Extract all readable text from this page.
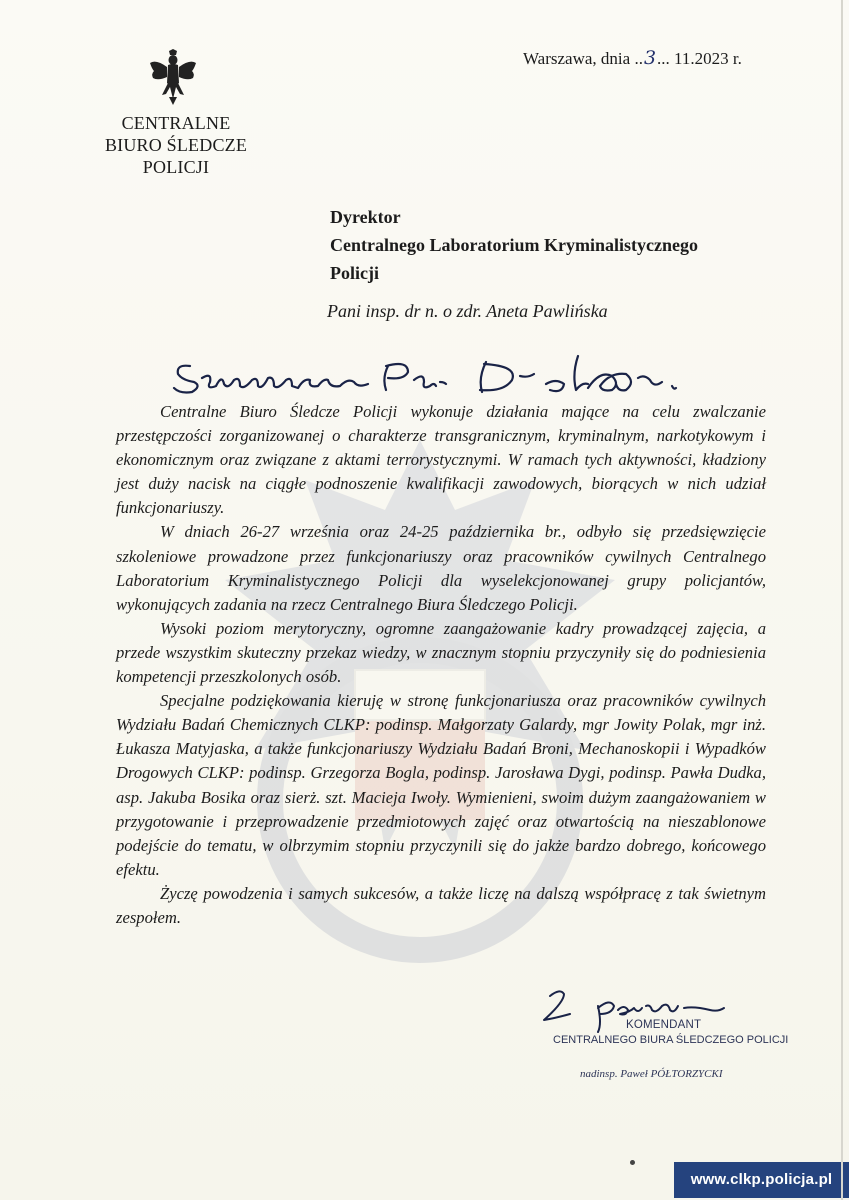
CENTRALNE
BIURO ŚLEDCZE
POLICJI
Warszawa, dnia ..3... 11.2023 r.
Dyrektor
Centralnego Laboratorium Kryminalistycznego
Policji
Pani insp. dr n. o zdr. Aneta Pawlińska

Centralne Biuro Śledcze Policji wykonuje działania mające na celu zwalczanie przestępczości zorganizowanej o charakterze transgranicznym, kryminalnym, narkotykowym i ekonomicznym oraz związane z aktami terrorystycznymi. W ramach tych aktywności, kładziony jest duży nacisk na ciągłe podnoszenie kwalifikacji zawodowych, biorących w nich udział funkcjonariuszy.

W dniach 26-27 września oraz 24-25 października br., odbyło się przedsięwzięcie szkoleniowe prowadzone przez funkcjonariuszy oraz pracowników cywilnych Centralnego Laboratorium Kryminalistycznego Policji dla wyselekcjonowanej grupy policjantów, wykonujących zadania na rzecz Centralnego Biura Śledczego Policji.

Wysoki poziom merytoryczny, ogromne zaangażowanie kadry prowadzącej zajęcia, a przede wszystkim skuteczny przekaz wiedzy, w znacznym stopniu przyczyniły się do podniesienia kompetencji przeszkolonych osób.

Specjalne podziękowania kieruję w stronę funkcjonariusza oraz pracowników cywilnych Wydziału Badań Chemicznych CLKP: podinsp. Małgorzaty Galardy, mgr Jowity Polak, mgr inż. Łukasza Matyjaska, a także funkcjonariuszy Wydziału Badań Broni, Mechanoskopii i Wypadków Drogowych CLKP: podinsp. Grzegorza Bogla, podinsp. Jarosława Dygi, podinsp. Pawła Dudka, asp. Jakuba Bosika oraz sierż. szt. Macieja Iwoły. Wymienieni, swoim dużym zaangażowaniem w przygotowanie i przeprowadzenie przedmiotowych zajęć oraz otwartością na nieszablonowe podejście do tematu, w olbrzymim stopniu przyczynili się do jakże bardzo dobrego, końcowego efektu.

Życzę powodzenia i samych sukcesów, a także liczę na dalszą współpracę z tak świetnym zespołem.

KOMENDANT
CENTRALNEGO BIURA ŚLEDCZEGO POLICJI
nadinsp. Paweł PÓŁTORZYCKI
www.clkp.policja.pl
